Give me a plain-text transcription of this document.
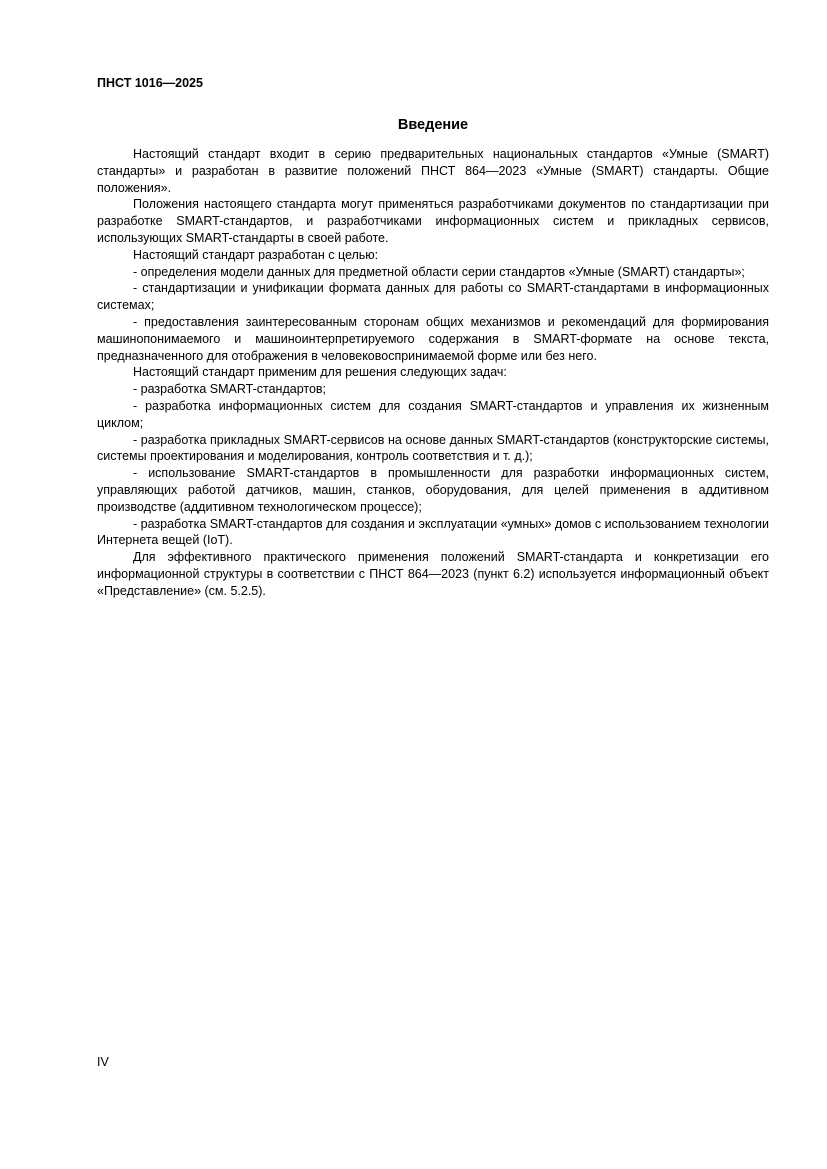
ПНСТ 1016—2025
Введение

Настоящий стандарт входит в серию предварительных национальных стандартов «Умные (SMART) стандарты» и разработан в развитие положений ПНСТ 864—2023 «Умные (SMART) стандарты. Общие положения».

Положения настоящего стандарта могут применяться разработчиками документов по стандартизации при разработке SMART-стандартов, и разработчиками информационных систем и прикладных сервисов, использующих SMART-стандарты в своей работе.

Настоящий стандарт разработан с целью:

- определения модели данных для предметной области серии стандартов «Умные (SMART) стандарты»;

- стандартизации и унификации формата данных для работы со SMART-стандартами в информационных системах;

- предоставления заинтересованным сторонам общих механизмов и рекомендаций для формирования машинопонимаемого и машиноинтерпретируемого содержания в SMART-формате на основе текста, предназначенного для отображения в человековоспринимаемой форме или без него.

Настоящий стандарт применим для решения следующих задач:

- разработка SMART-стандартов;

- разработка информационных систем для создания SMART-стандартов и управления их жизненным циклом;

- разработка прикладных SMART-сервисов на основе данных SMART-стандартов (конструкторские системы, системы проектирования и моделирования, контроль соответствия и т. д.);

- использование SMART-стандартов в промышленности для разработки информационных систем, управляющих работой датчиков, машин, станков, оборудования, для целей применения в аддитивном производстве (аддитивном технологическом процессе);

- разработка SMART-стандартов для создания и эксплуатации «умных» домов с использованием технологии Интернета вещей (IoT).

Для эффективного практического применения положений SMART-стандарта и конкретизации его информационной структуры в соответствии с ПНСТ 864—2023 (пункт 6.2) используется информационный объект «Представление» (см. 5.2.5).

IV
